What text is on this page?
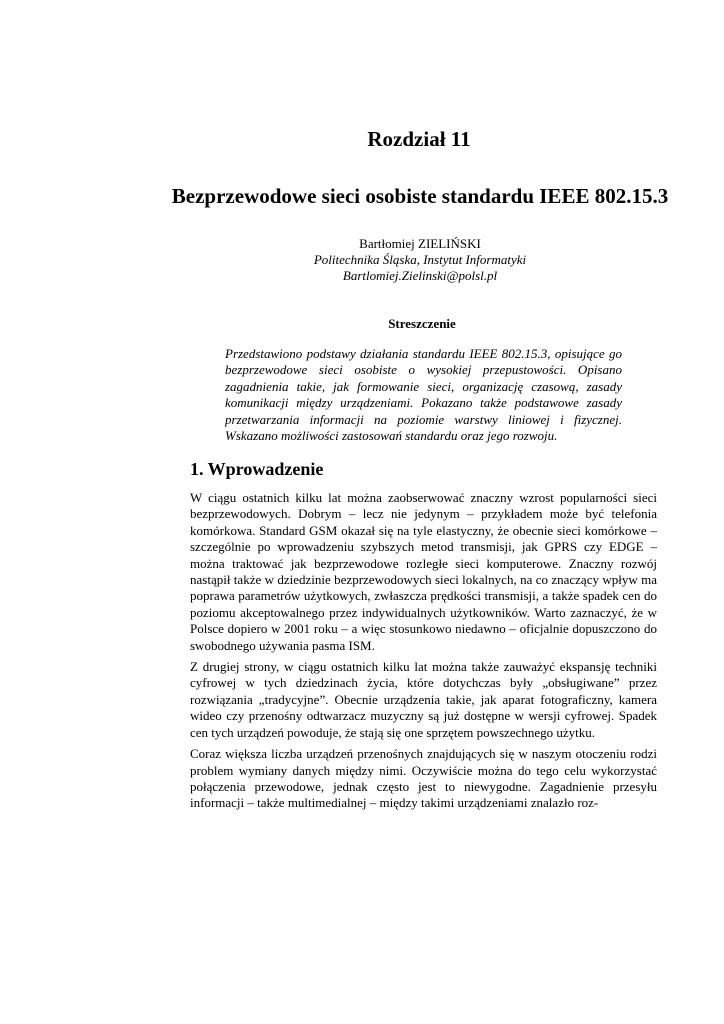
Rozdział 11
Bezprzewodowe sieci osobiste standardu IEEE 802.15.3
Bartłomiej ZIELIŃSKI
Politechnika Śląska, Instytut Informatyki
Bartlomiej.Zielinski@polsl.pl
Streszczenie

Przedstawiono podstawy działania standardu IEEE 802.15.3, opisujące go bezprzewodowe sieci osobiste o wysokiej przepustowości. Opisano zagadnienia takie, jak formowanie sieci, organizację czasową, zasady komunikacji między urządzeniami. Pokazano także podstawowe zasady przetwarzania informacji na poziomie warstwy liniowej i fizycznej. Wskazano możliwości zastosowań standardu oraz jego rozwoju.

1. Wprowadzenie

W ciągu ostatnich kilku lat można zaobserwować znaczny wzrost popularności sieci bezprzewodowych. Dobrym – lecz nie jedynym – przykładem może być telefonia komórkowa. Standard GSM okazał się na tyle elastyczny, że obecnie sieci komórkowe – szczególnie po wprowadzeniu szybszych metod transmisji, jak GPRS czy EDGE – można traktować jak bezprzewodowe rozległe sieci komputerowe. Znaczny rozwój nastąpił także w dziedzinie bezprzewodowych sieci lokalnych, na co znaczący wpływ ma poprawa parametrów użytkowych, zwłaszcza prędkości transmisji, a także spadek cen do poziomu akceptowalnego przez indywidualnych użytkowników. Warto zaznaczyć, że w Polsce dopiero w 2001 roku – a więc stosunkowo niedawno – oficjalnie dopuszczono do swobodnego używania pasma ISM.

Z drugiej strony, w ciągu ostatnich kilku lat można także zauważyć ekspansję techniki cyfrowej w tych dziedzinach życia, które dotychczas były „obsługiwane” przez rozwiązania „tradycyjne”. Obecnie urządzenia takie, jak aparat fotograficzny, kamera wideo czy przenośny odtwarzacz muzyczny są już dostępne w wersji cyfrowej. Spadek cen tych urządzeń powoduje, że stają się one sprzętem powszechnego użytku.

Coraz większa liczba urządzeń przenośnych znajdujących się w naszym otoczeniu rodzi problem wymiany danych między nimi. Oczywiście można do tego celu wykorzystać połączenia przewodowe, jednak często jest to niewygodne. Zagadnienie przesyłu informacji – także multimedialnej – między takimi urządzeniami znalazło roz-
